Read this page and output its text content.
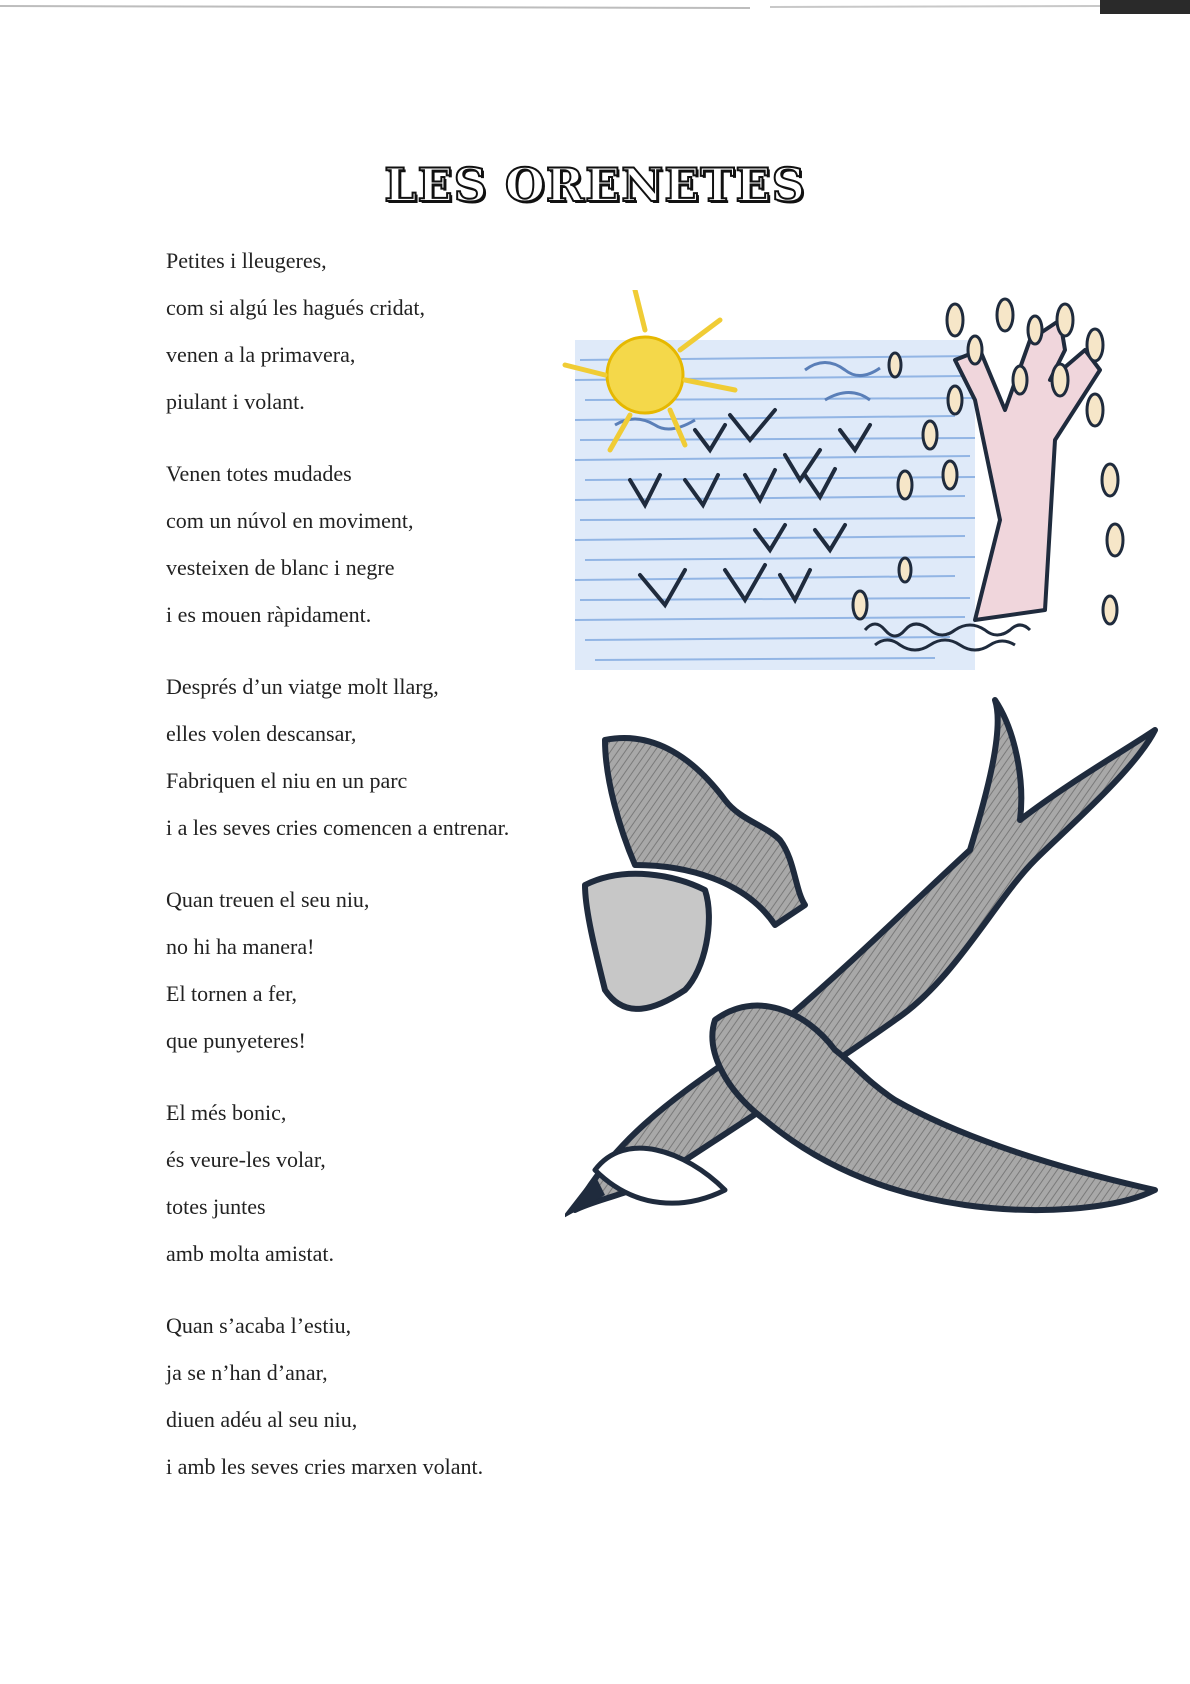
LES ORENETES
Petites i lleugeres,
com si algú les hagués cridat,
venen a la primavera,
piulant i volant.
Venen totes mudades
com un núvol en moviment,
vesteixen de blanc i negre
i es mouen ràpidament.
Després d’un viatge molt llarg,
elles volen descansar,
Fabriquen el niu en un parc
i a les seves cries comencen a entrenar.
Quan treuen el seu niu,
no hi ha manera!
El tornen a fer,
que punyeteres!
El més bonic,
és veure-les volar,
totes juntes
amb molta amistat.
Quan s’acaba l’estiu,
ja se n’han d’anar,
diuen adéu al seu niu,
i amb les seves cries marxen volant.
